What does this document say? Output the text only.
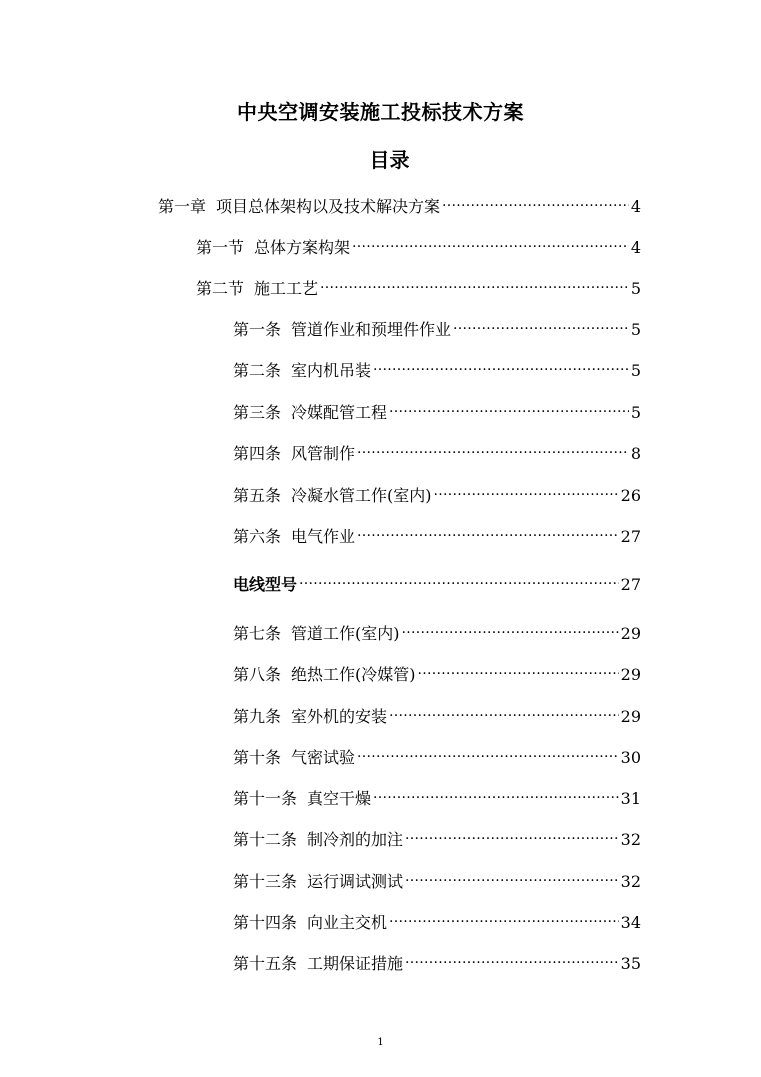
中央空调安装施工投标技术方案
目录
第一章 项目总体架构以及技术解决方案 .....	4
第一节 总体方案构架 .....	4
第二节 施工工艺 .....	5
第一条 管道作业和预埋件作业 .....	5
第二条 室内机吊装 .....	5
第三条 冷媒配管工程 .....	5
第四条 风管制作 .....	8
第五条 冷凝水管工作(室内) .....	26
第六条 电气作业 .....	27
电线型号 .....	27
第七条 管道工作(室内) .....	29
第八条 绝热工作(冷媒管) .....	29
第九条 室外机的安装 .....	29
第十条 气密试验 .....	30
第十一条 真空干燥 .....	31
第十二条 制冷剂的加注 .....	32
第十三条 运行调试测试 .....	32
第十四条 向业主交机 .....	34
第十五条 工期保证措施 .....	35
1
